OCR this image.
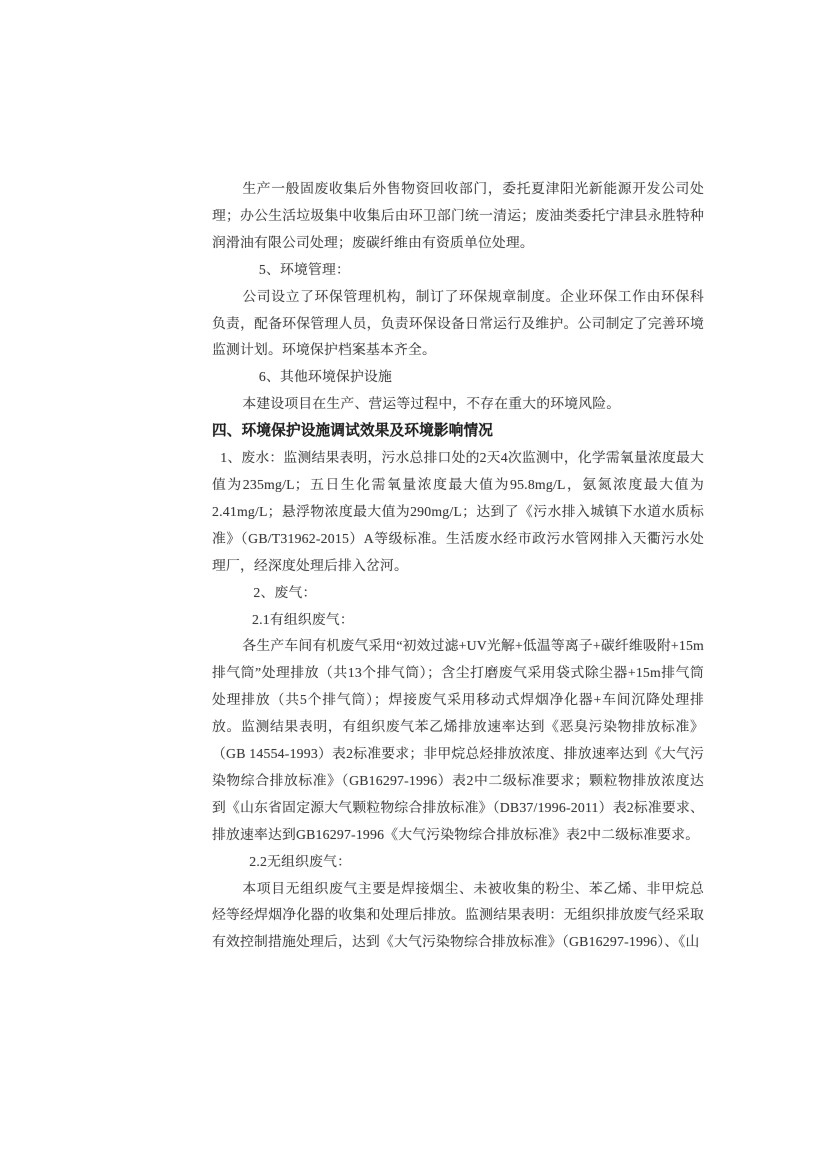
生产一般固废收集后外售物资回收部门，委托夏津阳光新能源开发公司处理；办公生活垃圾集中收集后由环卫部门统一清运；废油类委托宁津县永胜特种润滑油有限公司处理；废碳纤维由有资质单位处理。

5、环境管理：

公司设立了环保管理机构，制订了环保规章制度。企业环保工作由环保科负责，配备环保管理人员，负责环保设备日常运行及维护。公司制定了完善环境监测计划。环境保护档案基本齐全。

6、其他环境保护设施

本建设项目在生产、营运等过程中，不存在重大的环境风险。

四、环境保护设施调试效果及环境影响情况

1、废水：监测结果表明，污水总排口处的2天4次监测中，化学需氧量浓度最大值为235mg/L；五日生化需氧量浓度最大值为95.8mg/L，氨氮浓度最大值为2.41mg/L；悬浮物浓度最大值为290mg/L；达到了《污水排入城镇下水道水质标准》（GB/T31962-2015）A等级标准。生活废水经市政污水管网排入天衢污水处理厂，经深度处理后排入岔河。

2、废气：

2.1有组织废气：

各生产车间有机废气采用“初效过滤+UV光解+低温等离子+碳纤维吸附+15m排气筒”处理排放（共13个排气筒）；含尘打磨废气采用袋式除尘器+15m排气筒处理排放（共5个排气筒）；焊接废气采用移动式焊烟净化器+车间沉降处理排放。监测结果表明，有组织废气苯乙烯排放速率达到《恶臭污染物排放标准》（GB 14554-1993）表2标准要求；非甲烷总烃排放浓度、排放速率达到《大气污染物综合排放标准》（GB16297-1996）表2中二级标准要求；颗粒物排放浓度达到《山东省固定源大气颗粒物综合排放标准》（DB37/1996-2011）表2标准要求、排放速率达到GB16297-1996《大气污染物综合排放标准》表2中二级标准要求。

2.2无组织废气：

本项目无组织废气主要是焊接烟尘、未被收集的粉尘、苯乙烯、非甲烷总烃等经焊烟净化器的收集和处理后排放。监测结果表明：无组织排放废气经采取有效控制措施处理后，达到《大气污染物综合排放标准》（GB16297-1996）、《山
